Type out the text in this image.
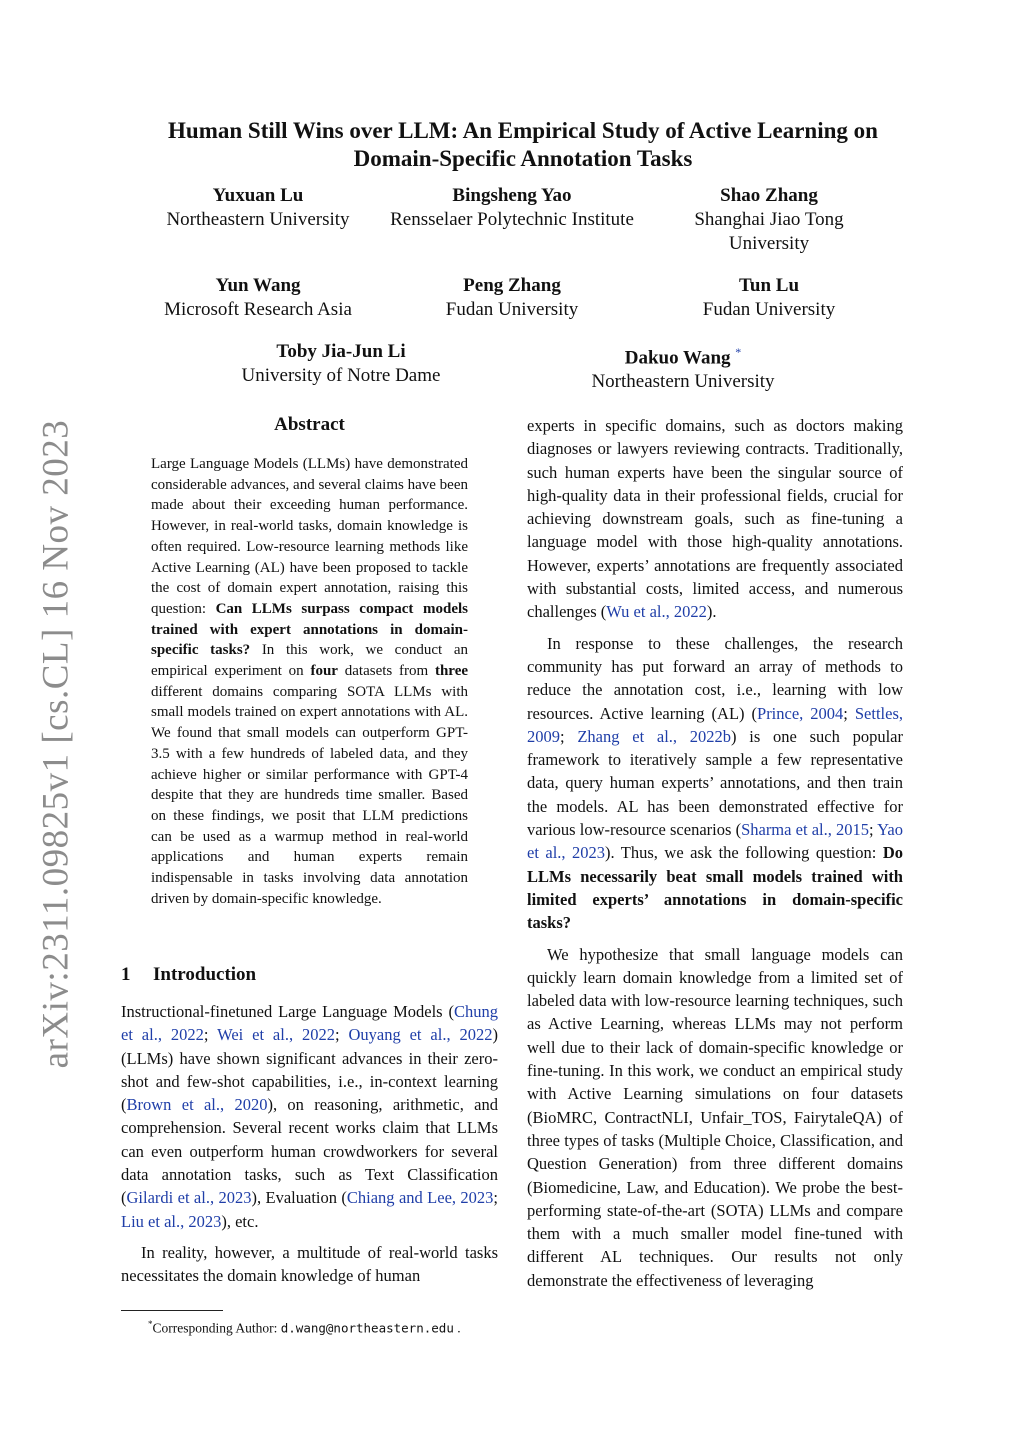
arXiv:2311.09825v1 [cs.CL] 16 Nov 2023
Human Still Wins over LLM: An Empirical Study of Active Learning on
Domain-Specific Annotation Tasks
Yuxuan Lu
Northeastern University
Bingsheng Yao
Rensselaer Polytechnic Institute
Shao Zhang
Shanghai Jiao Tong
University
Yun Wang
Microsoft Research Asia
Peng Zhang
Fudan University
Tun Lu
Fudan University
Toby Jia-Jun Li
University of Notre Dame
Dakuo Wang *
Northeastern University
Abstract
Large Language Models (LLMs) have demonstrated considerable advances, and several claims have been made about their exceeding human performance. However, in real-world tasks, domain knowledge is often required. Low-resource learning methods like Active Learning (AL) have been proposed to tackle the cost of domain expert annotation, raising this question: Can LLMs surpass compact models trained with expert annotations in domain-specific tasks? In this work, we conduct an empirical experiment on four datasets from three different domains comparing SOTA LLMs with small models trained on expert annotations with AL. We found that small models can outperform GPT-3.5 with a few hundreds of labeled data, and they achieve higher or similar performance with GPT-4 despite that they are hundreds time smaller. Based on these findings, we posit that LLM predictions can be used as a warmup method in real-world applications and human experts remain indispensable in tasks involving data annotation driven by domain-specific knowledge.
1 Introduction

Instructional-finetuned Large Language Models (Chung et al., 2022; Wei et al., 2022; Ouyang et al., 2022) (LLMs) have shown significant advances in their zero-shot and few-shot capabilities, i.e., in-context learning (Brown et al., 2020), on reasoning, arithmetic, and comprehension. Several recent works claim that LLMs can even outperform human crowdworkers for several data annotation tasks, such as Text Classification (Gilardi et al., 2023), Evaluation (Chiang and Lee, 2023; Liu et al., 2023), etc.

In reality, however, a multitude of real-world tasks necessitates the domain knowledge of human

*Corresponding Author: d.wang@northeastern.edu .

experts in specific domains, such as doctors making diagnoses or lawyers reviewing contracts. Traditionally, such human experts have been the singular source of high-quality data in their professional fields, crucial for achieving downstream goals, such as fine-tuning a language model with those high-quality annotations. However, experts’ annotations are frequently associated with substantial costs, limited access, and numerous challenges (Wu et al., 2022).

In response to these challenges, the research community has put forward an array of methods to reduce the annotation cost, i.e., learning with low resources. Active learning (AL) (Prince, 2004; Settles, 2009; Zhang et al., 2022b) is one such popular framework to iteratively sample a few representative data, query human experts’ annotations, and then train the models. AL has been demonstrated effective for various low-resource scenarios (Sharma et al., 2015; Yao et al., 2023). Thus, we ask the following question: Do LLMs necessarily beat small models trained with limited experts’ annotations in domain-specific tasks?

We hypothesize that small language models can quickly learn domain knowledge from a limited set of labeled data with low-resource learning techniques, such as Active Learning, whereas LLMs may not perform well due to their lack of domain-specific knowledge or fine-tuning. In this work, we conduct an empirical study with Active Learning simulations on four datasets (BioMRC, ContractNLI, Unfair_TOS, FairytaleQA) of three types of tasks (Multiple Choice, Classification, and Question Generation) from three different domains (Biomedicine, Law, and Education). We probe the best-performing state-of-the-art (SOTA) LLMs and compare them with a much smaller model fine-tuned with different AL techniques. Our results not only demonstrate the effectiveness of leveraging
